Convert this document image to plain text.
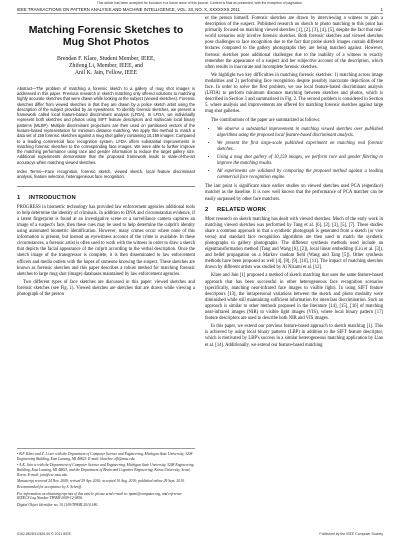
This article has been accepted for inclusion in a future issue of this journal. Content is final as presented, with the exception of pagination.
IEEE TRANSACTIONS ON PATTERN ANALYSIS AND MACHINE INTELLIGENCE, VOL. 33, NO. X, XXXXXXX 2011	1
Matching Forensic Sketches to Mug Shot Photos
Brendan F. Klare, Student Member, IEEE,
Zhifeng Li, Member, IEEE, and
Anil K. Jain, Fellow, IEEE
Abstract—The problem of matching a forensic sketch to a gallery of mug shot images is addressed in this paper. Previous research in sketch matching only offered solutions to matching highly accurate sketches that were drawn while looking at the subject (viewed sketches). Forensic sketches differ from viewed sketches in that they are drawn by a police sketch artist using the description of the subject provided by an eyewitness. To identify forensic sketches, we present a framework called local feature-based discriminant analysis (LFDA). In LFDA, we individually represent both sketches and photos using SIFT feature descriptors and multiscale local binary patterns (MLBP). Multiple discriminant projections are then used on partitioned vectors of the feature-based representation for minimum distance matching. We apply this method to match a data set of 159 forensic sketches against a mug shot gallery containing 10,159 images. Compared to a leading commercial face recognition system, LFDA offers substantial improvements in matching forensic sketches to the corresponding face images. We were able to further improve the matching performance using race and gender information to reduce the target gallery size. Additional experiments demonstrate that the proposed framework leads to state-of-the-art accuracys when matching viewed sketches.
Index Terms—Face recognition, forensic sketch, viewed sketch, local feature discriminant analysis, feature selection, heterogeneous face recognition.
1 INTRODUCTION

PROGRESS in biometric technology has provided law enforcement agencies additional tools to help determine the identity of criminals. In addition to DNA and circumstantial evidence, if a latent fingerprint is found at an investigative scene or a surveillance camera captures an image of a suspect's face, then these cues may be used to help determine the culprit's identity using automated biometric identification. However, many crimes occur where none of this information is present, but instead an eyewitness account of the crime is available. In these circumstances, a forensic artist is often used to work with the witness in order to draw a sketch that depicts the facial appearance of the culprit according to the verbal description. Once the sketch image of the transgressor is complete, it is then disseminated to law enforcement officers and media outlets with the hopes of someone knowing the suspect. These sketches are known as forensic sketches and this paper describes a robust method for matching forensic sketches to large mug shot (image) databases maintained by law enforcement agencies.

Two different types of face sketches are discussed in this paper: viewed sketches and forensic sketches (see Fig. 1). Viewed sketches are sketches that are drawn while viewing a photograph of the person

• B.F. Klare and Z. Li are with the Department of Computer Science and Engineering, Michigan State University, 3208 Engineering Building, East Lansing, MI 48823. E-mail: klarebre, zfli@msu.edu.

• A.K. Jain is with the Department of Computer Science and Engineering, Michigan State University, 3208 Engineering Building, East Lansing, MI 48823, and the Department of Brain and Cognitive Engineering, Korea University, Seoul, Korea. E-mail: jain@cse.msu.edu.

Manuscript received 24 Nov. 2009; revised 29 Apr. 2010; accepted 10 Aug. 2010; published online 29 Sept. 2010.

Recommended for acceptance by S. Schroff.

For information on obtaining reprints of this article, please send e-mail to: tpami@computer.org, and reference IEEECS Log Number TPAMI-2009-12-0836.

Digital Object Identifier no. 10.1109/TPAMI.2010.180.

0162-8828/11/$26.00 © 2011 IEEE	Published by the IEEE Computer Society

or the person himself. Forensic sketches are drawn by interviewing a witness to gain a description of the suspect. Published research on sketch to photo matching to this point has primarily focused on matching viewed sketches [1], [2], [3], [4], [5], despite the fact that real-world scenarios only involve forensic sketches. Both forensic sketches and viewed sketches pose challenges to face recognition due to the fact that probe sketch images contain different textures compared to the gallery photographs they are being matched against. However, forensic sketches pose additional challenges due to the inability of a witness to exactly remember the appearance of a suspect and her subjective account of the description, which often results in inaccurate and incomplete forensic sketches.

We highlight two key difficulties in matching forensic sketches: 1) matching across image modalities and 2) performing face recognition despite possibly inaccurate depictions of the face. In order to solve the first problem, we use local feature-based discriminant analysis (LFDA) to perform minimum distance matching between sketches and photos, which is described in Section 3 and summarized in Fig. 2. The second problem is considered in Section 5, where analysis and improvements are offered for matching forensic sketches against large mug shot galleries.

The contributions of the paper are summarized as follows:

• We observe a substantial improvement in matching viewed sketches over published algorithms using the proposed local feature-based discriminant analysis.
• We present the first large-scale published experiment on matching real forensic sketches.
• Using a mug shot gallery of 10,159 images, we perform race and gender filtering to improve the matching results.
• All experiments are validated by comparing the proposed method against a leading commercial face recognition engine.

The last point is significant since earlier studies on viewed sketches used PCA (eigenface) matcher as the baseline. It is now well known that the performance of PCA matcher can be easily surpassed by other face matchers.

2 RELATED WORK

Most research on sketch matching has dealt with viewed sketches. Much of the early work in matching viewed sketches was performed by Tang et al. [6], [2], [3], [5], [7]. These studies share a common approach in that a synthetic photograph is generated from a sketch (or vice versa) and standard face recognition algorithms are then used to match the synthetic photographs to gallery photographs. The different synthesis methods used include an eigentransformation method (Tang and Wang [6], [2]), local linear embedding (Liu et al. [3]), and belief propagation on a Markov random field (Wang and Tang [5]). Other synthesis methods have been proposed as well [4], [8], [9], [10], [11]. The impact of matching sketches drawn by different artists was studied by Al Nizami et al. [12].

Klare and Jain [1] proposed a method of sketch matching that uses the same feature-based approach that has been successful in other heterogeneous face recognition scenarios (specifically, matching near-infrared face images to visible light). In using SIFT feature descriptors [13], the intrapersonal variations between the sketch and photo modality were diminished while still maintaining sufficient information for interclass discrimination. Such an approach is similar to other methods proposed in the literature [14], [15], [16] of matching near-infrared images (NIR) to visible light images (VIS), where local binary pattern [17] feature descriptors are used to describe both NIR and VIS images.

In this paper, we extend our previous feature-based approach to sketch matching [1]. This is achieved by using local binary patterns (LBP) in addition to the SIFT feature descriptor, which is motivated by LBP's success in a similar heterogeneous matching application by Liao et al. [14]. Additionally, we extend our feature-based matching
